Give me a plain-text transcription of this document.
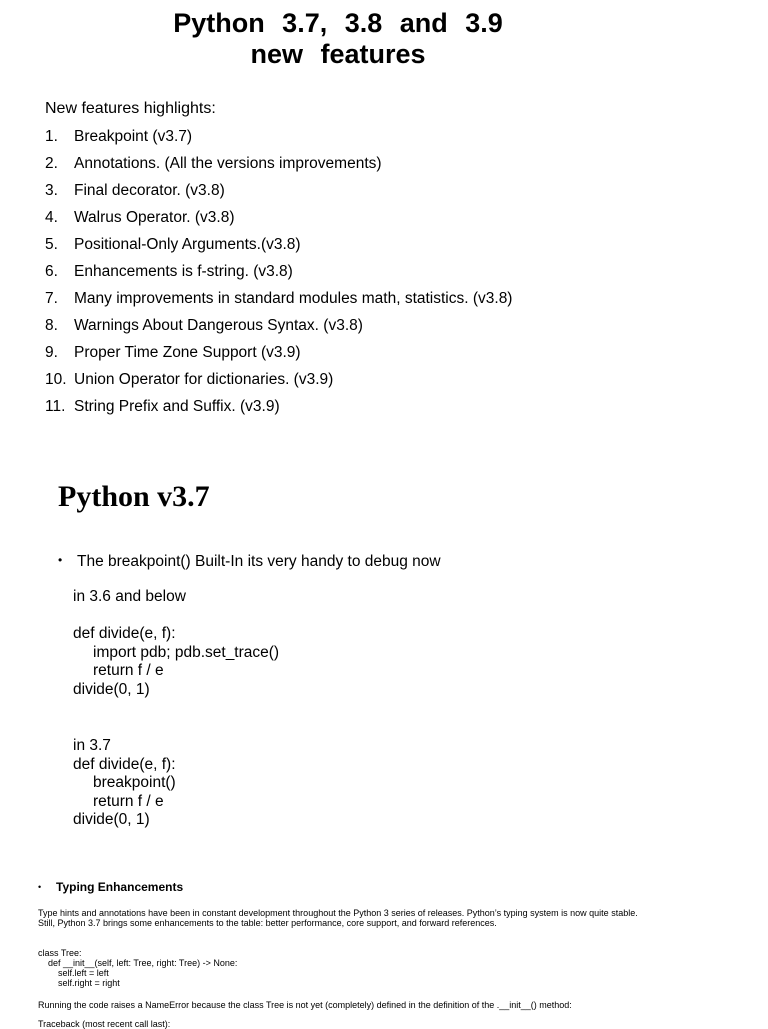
Python 3.7, 3.8 and 3.9
new features
New features highlights:
1. Breakpoint (v3.7)
2. Annotations. (All the versions improvements)
3. Final decorator. (v3.8)
4. Walrus Operator. (v3.8)
5. Positional-Only Arguments.(v3.8)
6. Enhancements is f-string. (v3.8)
7. Many improvements in standard modules math, statistics. (v3.8)
8. Warnings About Dangerous Syntax. (v3.8)
9. Proper Time Zone Support (v3.9)
10. Union Operator for dictionaries. (v3.9)
11. String Prefix and Suffix. (v3.9)
Python v3.7
• The breakpoint() Built-In its very handy to debug now
in 3.6 and below
def divide(e, f):
import pdb; pdb.set_trace()
return f / e
divide(0, 1)
in 3.7
def divide(e, f):
breakpoint()
return f / e
divide(0, 1)
• Typing Enhancements
Type hints and annotations have been in constant development throughout the Python 3 series of releases. Python’s typing system is now quite stable.
Still, Python 3.7 brings some enhancements to the table: better performance, core support, and forward references.
class Tree:
def __init__(self, left: Tree, right: Tree) -> None:
self.left = left
self.right = right
Running the code raises a NameError because the class Tree is not yet (completely) defined in the definition of the .__init__() method:
Traceback (most recent call last):
